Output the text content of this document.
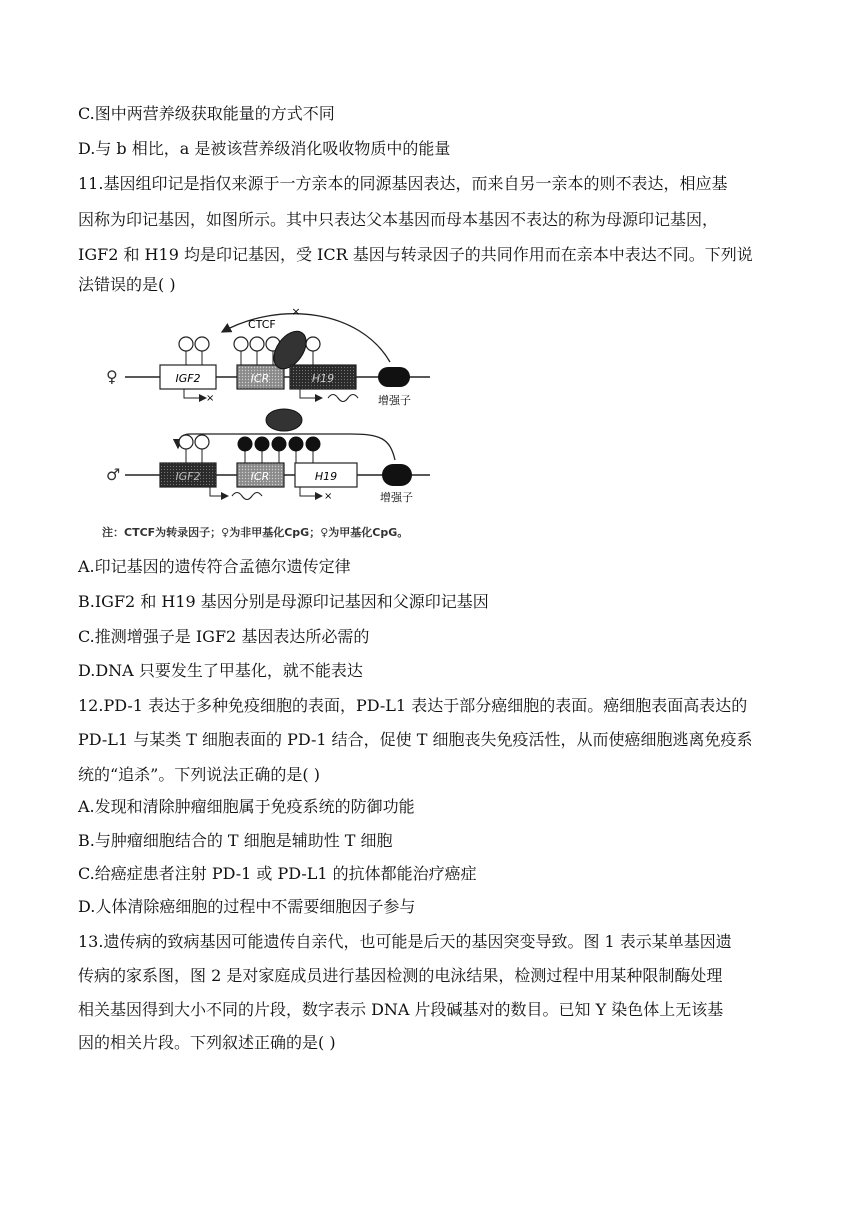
C.图中两营养级获取能量的方式不同
D.与 b 相比，a 是被该营养级消化吸收物质中的能量
11.基因组印记是指仅来源于一方亲本的同源基因表达，而来自另一亲本的则不表达，相应基
因称为印记基因，如图所示。其中只表达父本基因而母本基因不表达的称为母源印记基因，
IGF2 和 H19 均是印记基因，受 ICR 基因与转录因子的共同作用而在亲本中表达不同。下列说
法错误的是( )
♀
×
IGF2
×
ICR
CTCF
H19
增强子
♂	IGF2	ICR	H19
×	增强子
注：CTCF为转录因子；♀为非甲基化CpG；♀为甲基化CpG。
A.印记基因的遗传符合孟德尔遗传定律
B.IGF2 和 H19 基因分别是母源印记基因和父源印记基因
C.推测增强子是 IGF2 基因表达所必需的
D.DNA 只要发生了甲基化，就不能表达
12.PD-1 表达于多种免疫细胞的表面，PD-L1 表达于部分癌细胞的表面。癌细胞表面高表达的
PD-L1 与某类 T 细胞表面的 PD-1 结合，促使 T 细胞丧失免疫活性，从而使癌细胞逃离免疫系
统的“追杀”。下列说法正确的是( )
A.发现和清除肿瘤细胞属于免疫系统的防御功能
B.与肿瘤细胞结合的 T 细胞是辅助性 T 细胞
C.给癌症患者注射 PD-1 或 PD-L1 的抗体都能治疗癌症
D.人体清除癌细胞的过程中不需要细胞因子参与
13.遗传病的致病基因可能遗传自亲代，也可能是后天的基因突变导致。图 1 表示某单基因遗
传病的家系图，图 2 是对家庭成员进行基因检测的电泳结果，检测过程中用某种限制酶处理
相关基因得到大小不同的片段，数字表示 DNA 片段碱基对的数目。已知 Y 染色体上无该基
因的相关片段。下列叙述正确的是( )
